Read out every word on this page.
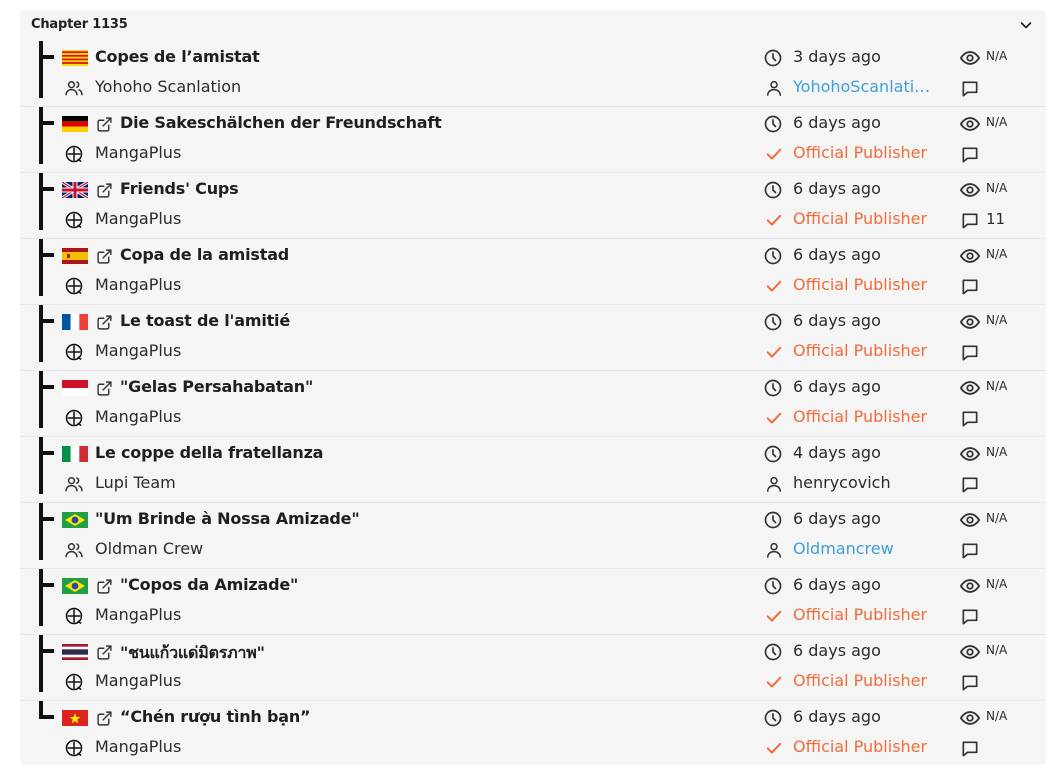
Chapter 1135
Copes de l’amistat	3 days ago	N/A
Yohoho Scanlation	YohohoScanlati…
Die Sakeschälchen der Freundschaft	6 days ago	N/A
MangaPlus	Official Publisher
Friends' Cups	6 days ago	N/A
MangaPlus	Official Publisher	11
Copa de la amistad	6 days ago	N/A
MangaPlus	Official Publisher
Le toast de l'amitié	6 days ago	N/A
MangaPlus	Official Publisher
"Gelas Persahabatan"	6 days ago	N/A
MangaPlus	Official Publisher
Le coppe della fratellanza	4 days ago	N/A
Lupi Team	henrycovich
"Um Brinde à Nossa Amizade"	6 days ago	N/A
Oldman Crew	Oldmancrew
"Copos da Amizade"	6 days ago	N/A
MangaPlus	Official Publisher
"ชนแก้วแด่มิตรภาพ"	6 days ago	N/A
MangaPlus	Official Publisher
“Chén rượu tình bạn”	6 days ago	N/A
MangaPlus	Official Publisher
